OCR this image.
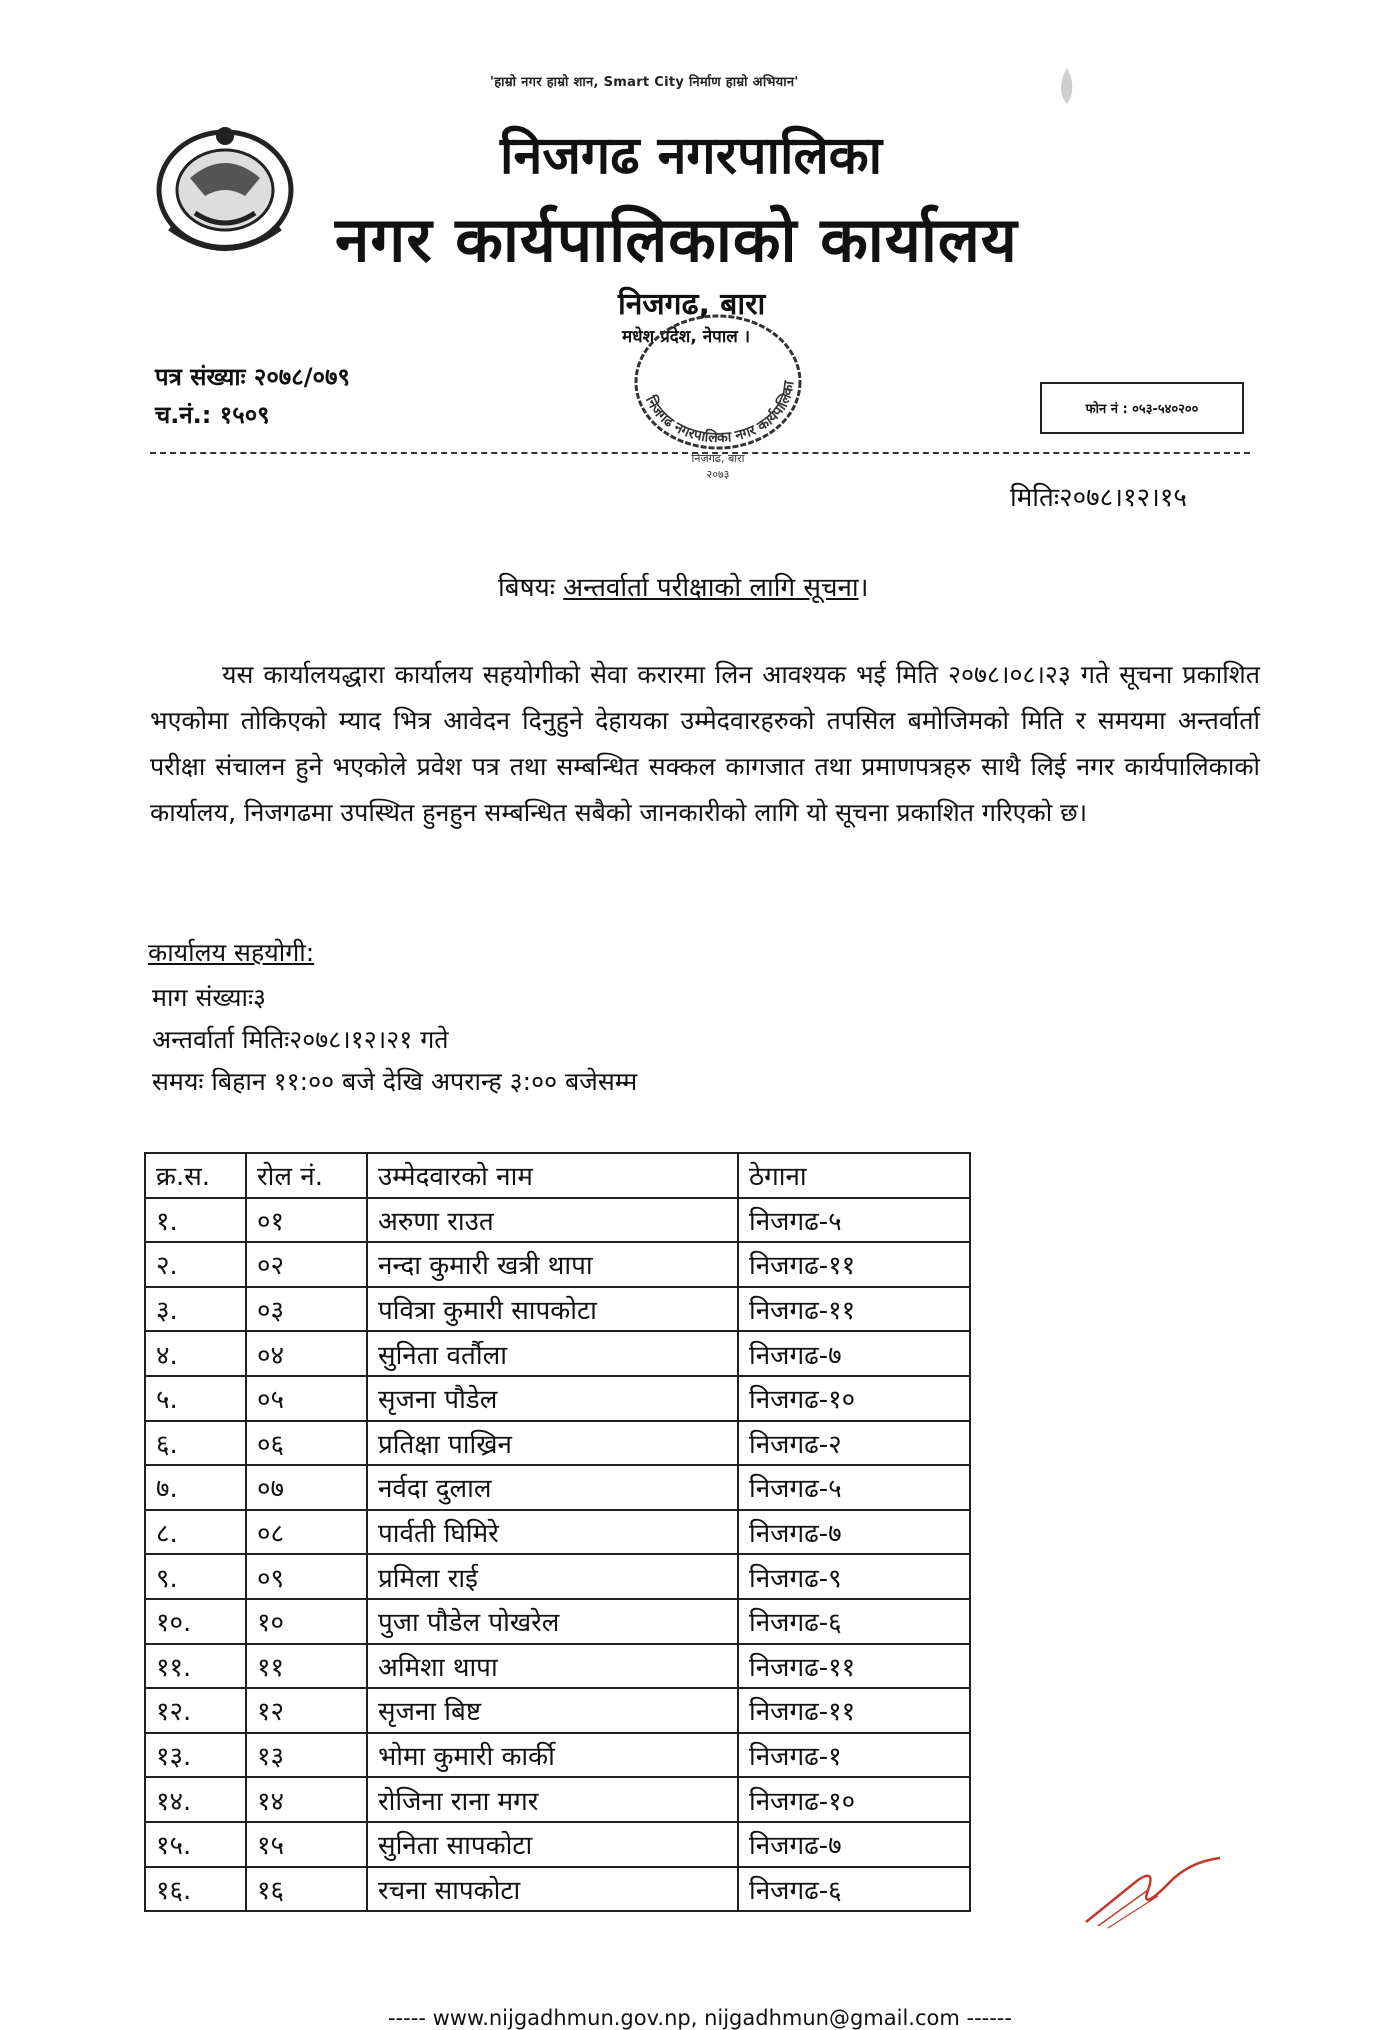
'हाम्रो नगर हाम्रो शान, Smart City निर्माण हाम्रो अभियान'
निजगढ नगरपालिका
नगर कार्यपालिकाको कार्यालय
निजगढ, बारा
मधेश प्रदेश, नेपाल ।
निजगढ नगरपालिका नगर कार्यपालिका
निजगढ, बारा
२०७३
पत्र संख्याः २०७८/०७९
च.नं.: १५०९	फोन नं : ०५३-५४०२००
मितिः२०७८।१२।१५
बिषयः अन्तर्वार्ता परीक्षाको लागि सूचना।
यस कार्यालयद्धारा कार्यालय सहयोगीको सेवा करारमा लिन आवश्यक भई मिति २०७८।०८।२३ गते सूचना प्रकाशित भएकोमा तोकिएको म्याद भित्र आवेदन दिनुहुने देहायका उम्मेदवारहरुको तपसिल बमोजिमको मिति र समयमा अन्तर्वार्ता परीक्षा संचालन हुने भएकोले प्रवेश पत्र तथा सम्बन्धित सक्कल कागजात तथा प्रमाणपत्रहरु साथै लिई नगर कार्यपालिकाको कार्यालय, निजगढमा उपस्थित हुनहुन सम्बन्धित सबैको जानकारीको लागि यो सूचना प्रकाशित गरिएको छ।
कार्यालय सहयोगी:
माग संख्याः३
अन्तर्वार्ता मितिः२०७८।१२।२१ गते
समयः बिहान ११:०० बजे देखि अपरान्ह ३:०० बजेसम्म
क्र.स.	रोल नं.	उम्मेदवारको नाम	ठेगाना
१.	०१	अरुणा राउत	निजगढ-५
२.	०२	नन्दा कुमारी खत्री थापा	निजगढ-११
३.	०३	पवित्रा कुमारी सापकोटा	निजगढ-११
४.	०४	सुनिता वर्तौला	निजगढ-७
५.	०५	सृजना पौडेल	निजगढ-१०
६.	०६	प्रतिक्षा पाख्रिन	निजगढ-२
७.	०७	नर्वदा दुलाल	निजगढ-५
८.	०८	पार्वती घिमिरे	निजगढ-७
९.	०९	प्रमिला राई	निजगढ-९
१०.	१०	पुजा पौडेल पोखरेल	निजगढ-६
११.	११	अमिशा थापा	निजगढ-११
१२.	१२	सृजना बिष्ट	निजगढ-११
१३.	१३	भोमा कुमारी कार्की	निजगढ-१
१४.	१४	रोजिना राना मगर	निजगढ-१०
१५.	१५	सुनिता सापकोटा	निजगढ-७
१६.	१६	रचना सापकोटा	निजगढ-६
----- www.nijgadhmun.gov.np, nijgadhmun@gmail.com ------
